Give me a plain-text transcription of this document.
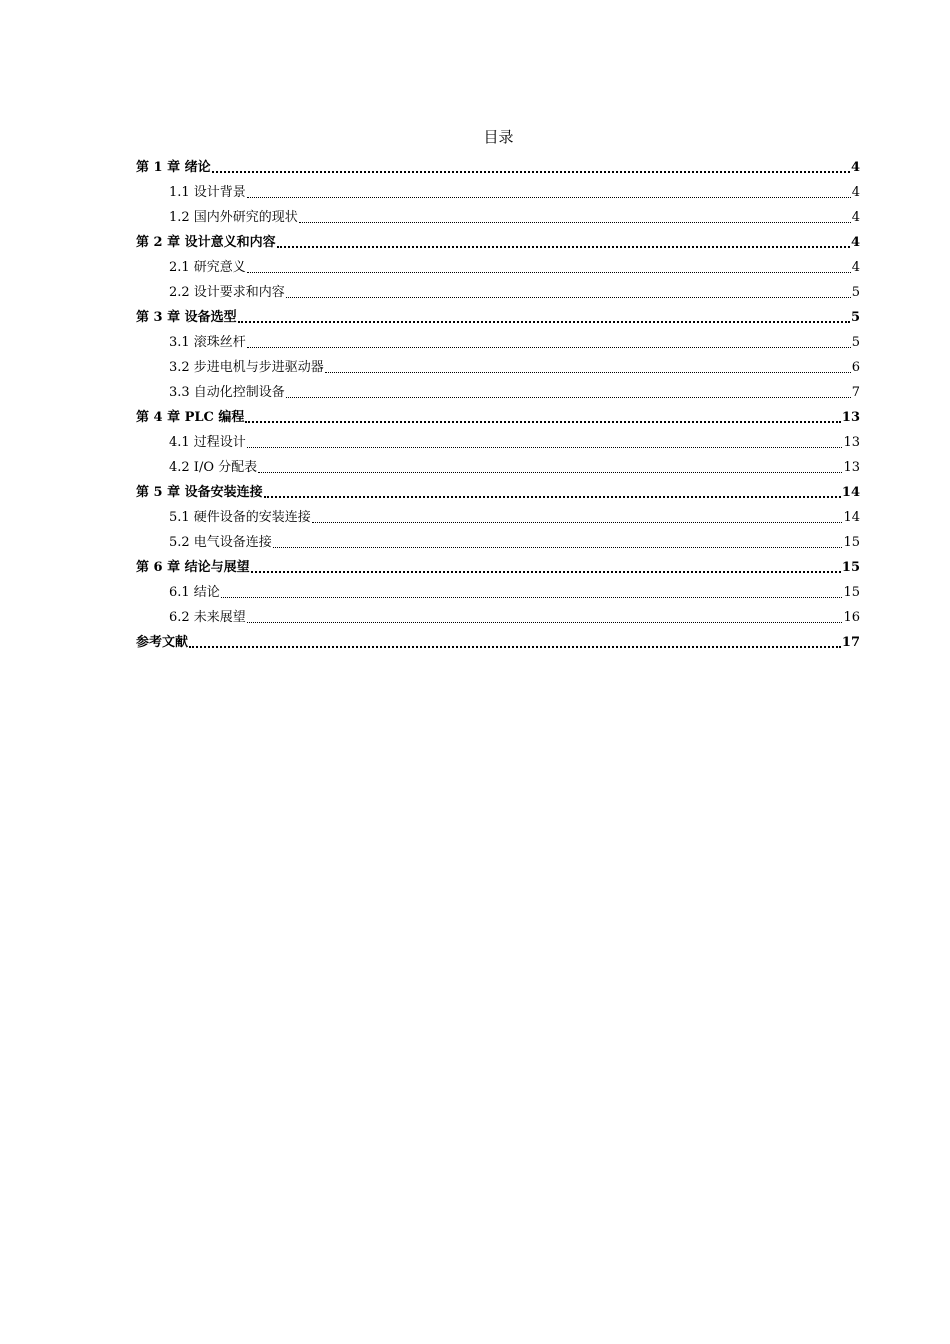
目录
第 1 章 绪论	4
1.1 设计背景	4
1.2 国内外研究的现状	4
第 2 章 设计意义和内容	4
2.1 研究意义	4
2.2 设计要求和内容	5
第 3 章 设备选型	5
3.1 滚珠丝杆	5
3.2 步进电机与步进驱动器	6
3.3 自动化控制设备	7
第 4 章 PLC 编程	13
4.1 过程设计	13
4.2 I/O 分配表	13
第 5 章 设备安装连接	14
5.1 硬件设备的安装连接	14
5.2 电气设备连接	15
第 6 章 结论与展望	15
6.1 结论	15
6.2 未来展望	16
参考文献	17
